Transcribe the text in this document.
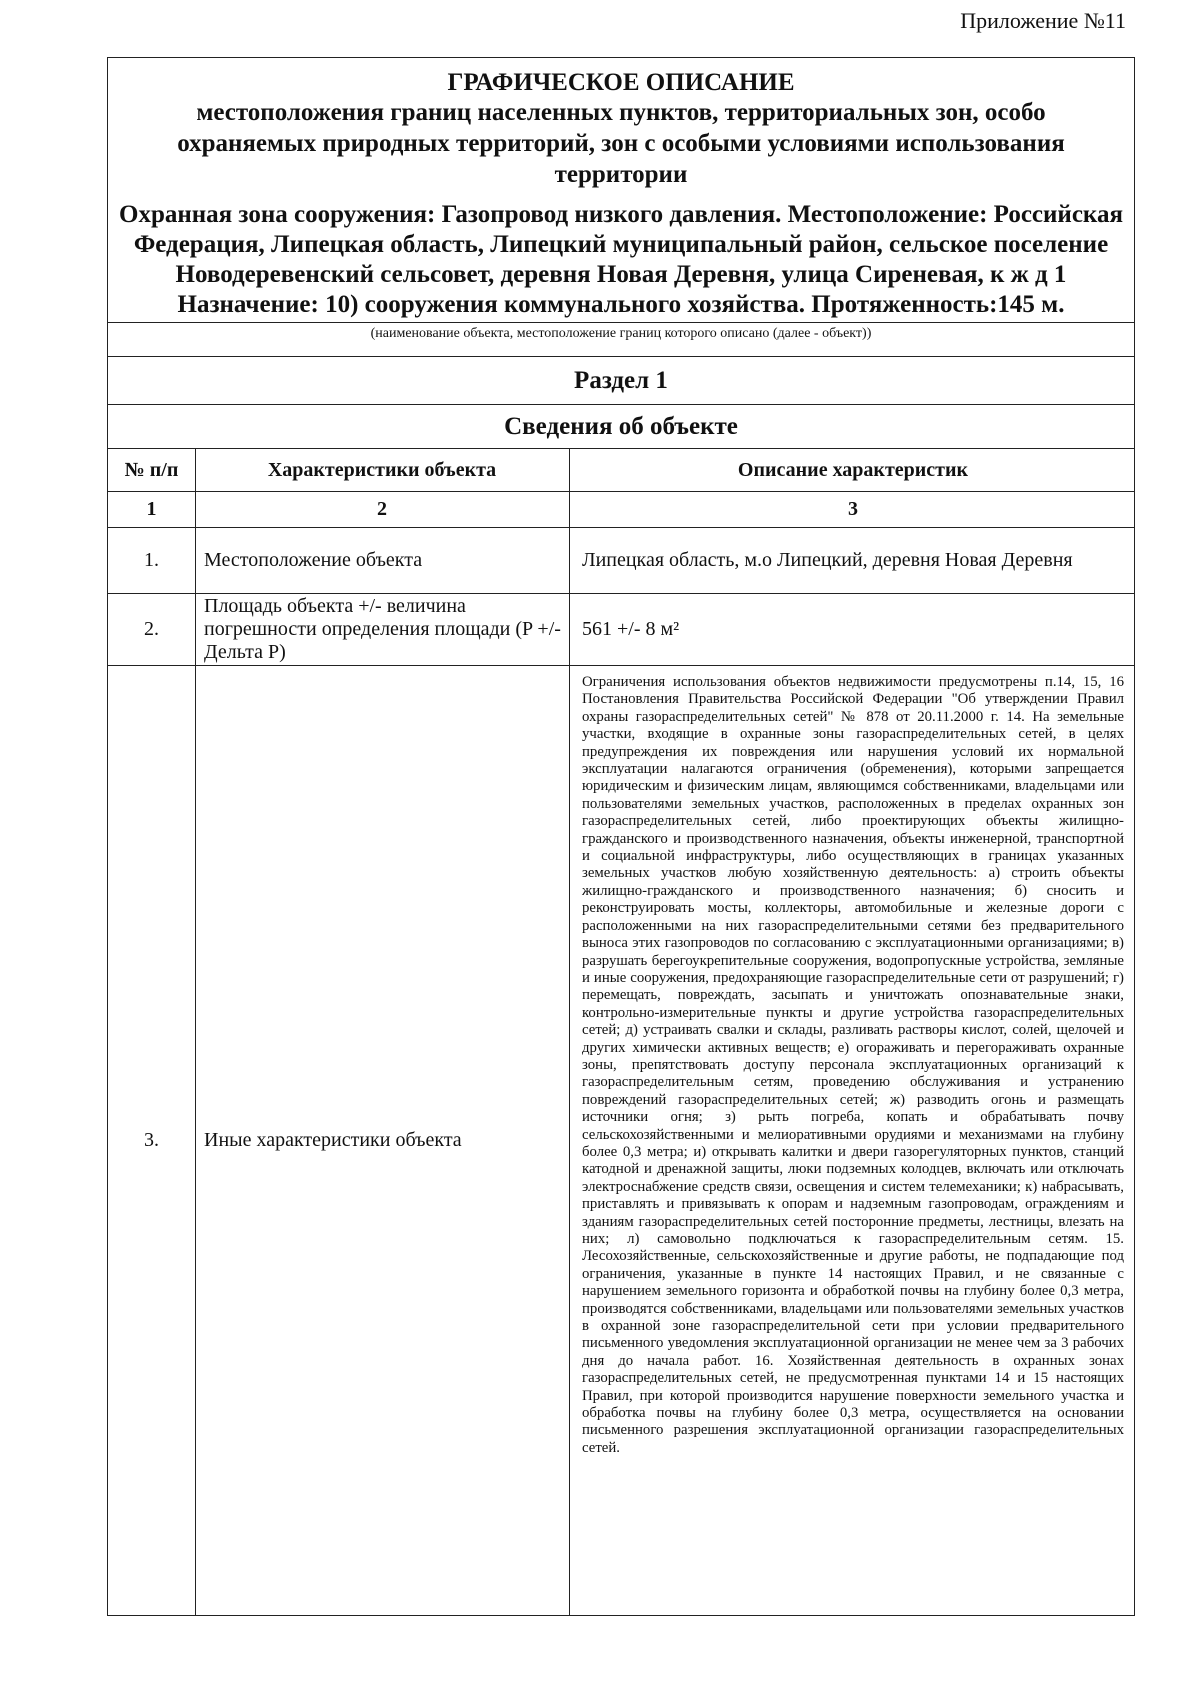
Приложение №11
ГРАФИЧЕСКОЕ ОПИСАНИЕ
местоположения границ населенных пунктов, территориальных зон, особо охраняемых природных территорий, зон с особыми условиями использования территории
Охранная зона сооружения: Газопровод низкого давления. Местоположение: Российская Федерация, Липецкая область, Липецкий муниципальный район, сельское поселение Новодеревенский сельсовет, деревня Новая Деревня, улица Сиреневая, к ж д 1
Назначение: 10) сооружения коммунального хозяйства. Протяженность:145 м.
(наименование объекта, местоположение границ которого описано (далее - объект))
Раздел 1
Сведения об объекте
№ п/п	Характеристики объекта	Описание характеристик
1	2	3
1.	Местоположение объекта	Липецкая область, м.о Липецкий, деревня Новая Деревня
2.	Площадь объекта +/- величина погрешности определения площади (P +/- Дельта P)	561 +/- 8 м²
3.	Иные характеристики объекта	Ограничения использования объектов недвижимости предусмотрены п.14, 15, 16 Постановления Правительства Российской Федерации "Об утверждении Правил охраны газораспределительных сетей" № 878 от 20.11.2000 г. 14. На земельные участки, входящие в охранные зоны газораспределительных сетей, в целях предупреждения их повреждения или нарушения условий их нормальной эксплуатации налагаются ограничения (обременения), которыми запрещается юридическим и физическим лицам, являющимся собственниками, владельцами или пользователями земельных участков, расположенных в пределах охранных зон газораспределительных сетей, либо проектирующих объекты жилищно-гражданского и производственного назначения, объекты инженерной, транспортной и социальной инфраструктуры, либо осуществляющих в границах указанных земельных участков любую хозяйственную деятельность: а) строить объекты жилищно-гражданского и производственного назначения; б) сносить и реконструировать мосты, коллекторы, автомобильные и железные дороги с расположенными на них газораспределительными сетями без предварительного выноса этих газопроводов по согласованию с эксплуатационными организациями; в) разрушать берегоукрепительные сооружения, водопропускные устройства, земляные и иные сооружения, предохраняющие газораспределительные сети от разрушений; г) перемещать, повреждать, засыпать и уничтожать опознавательные знаки, контрольно-измерительные пункты и другие устройства газораспределительных сетей; д) устраивать свалки и склады, разливать растворы кислот, солей, щелочей и других химически активных веществ; е) огораживать и перегораживать охранные зоны, препятствовать доступу персонала эксплуатационных организаций к газораспределительным сетям, проведению обслуживания и устранению повреждений газораспределительных сетей; ж) разводить огонь и размещать источники огня; з) рыть погреба, копать и обрабатывать почву сельскохозяйственными и мелиоративными орудиями и механизмами на глубину более 0,3 метра; и) открывать калитки и двери газорегуляторных пунктов, станций катодной и дренажной защиты, люки подземных колодцев, включать или отключать электроснабжение средств связи, освещения и систем телемеханики; к) набрасывать, приставлять и привязывать к опорам и надземным газопроводам, ограждениям и зданиям газораспределительных сетей посторонние предметы, лестницы, влезать на них; л) самовольно подключаться к газораспределительным сетям. 15. Лесохозяйственные, сельскохозяйственные и другие работы, не подпадающие под ограничения, указанные в пункте 14 настоящих Правил, и не связанные с нарушением земельного горизонта и обработкой почвы на глубину более 0,3 метра, производятся собственниками, владельцами или пользователями земельных участков в охранной зоне газораспределительной сети при условии предварительного письменного уведомления эксплуатационной организации не менее чем за 3 рабочих дня до начала работ. 16. Хозяйственная деятельность в охранных зонах газораспределительных сетей, не предусмотренная пунктами 14 и 15 настоящих Правил, при которой производится нарушение поверхности земельного участка и обработка почвы на глубину более 0,3 метра, осуществляется на основании письменного разрешения эксплуатационной организации газораспределительных сетей.
